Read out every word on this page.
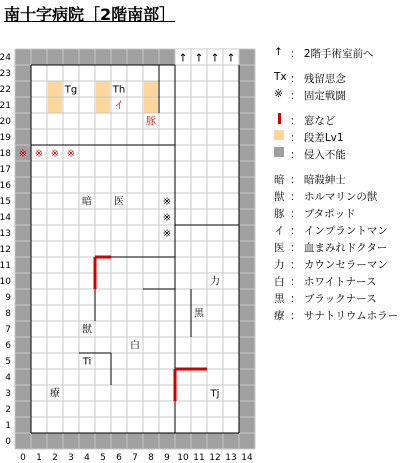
南十字病院［2階南部］
↑ ↑ ↑ ↑
Tg	Th
イ
豚
※ ※ ※ ※
暗 医	※
※
※
力
黒
獣
白
Ti
療	Tj
24
23
22
21
20
19
18
17
16
15
14
13
12
11
10
9
8
7
6
5
4
3
2
1
0
0 1 2 3 4 5 6 7 8 9 10 11 12 13 14
↑ ： 2階手術室前へ
Tx ： 残留思念
※ ： 固定戦闘
： 窓など
： 段差Lv1
： 侵入不能
暗 ： 暗殺紳士
獣 ： ホルマリンの獣
豚 ： ブタポッド
イ ： インプラントマン
医 ： 血まみれドクター
力 ： カウンセラーマン
白 ： ホワイトナース
黒 ： ブラックナース
療 ： サナトリウムホラー
